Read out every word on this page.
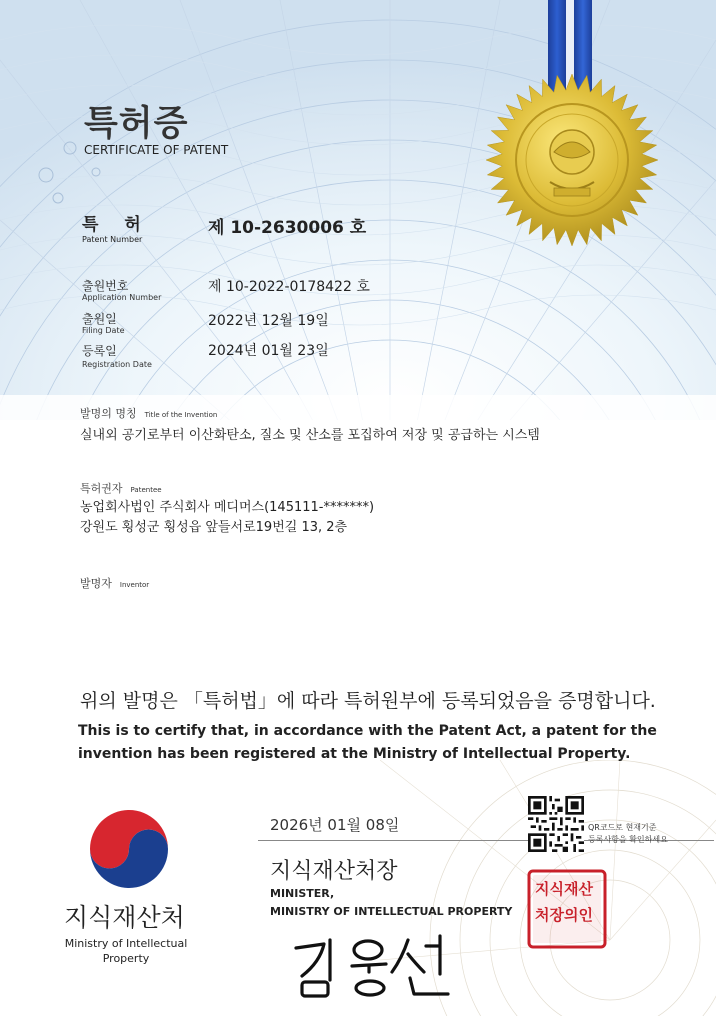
특허증
CERTIFICATE OF PATENT
특 허
Patent Number
제 10-2630006 호
출원번호
Application Number
제 10-2022-0178422 호
출원일
Filing Date
2022년 12월 19일
등록일
Registration Date
2024년 01월 23일
발명의 명칭 Title of the Invention
실내외 공기로부터 이산화탄소, 질소 및 산소를 포집하여 저장 및 공급하는 시스템
특허권자 Patentee
농업회사법인 주식회사 메디머스(145111-*******)
강원도 횡성군 횡성읍 앞들서로19번길 13, 2층
발명자 Inventor
위의 발명은 「특허법」에 따라 특허원부에 등록되었음을 증명합니다.
This is to certify that, in accordance with the Patent Act, a patent for the invention has been registered at the Ministry of Intellectual Property.
지식재산처
Ministry of Intellectual Property
2026년 01월 08일
지식재산처장
MINISTER,
MINISTRY OF INTELLECTUAL PROPERTY
QR코드로 현재기준
등록사항을 확인하세요
지식재산
처장의인
